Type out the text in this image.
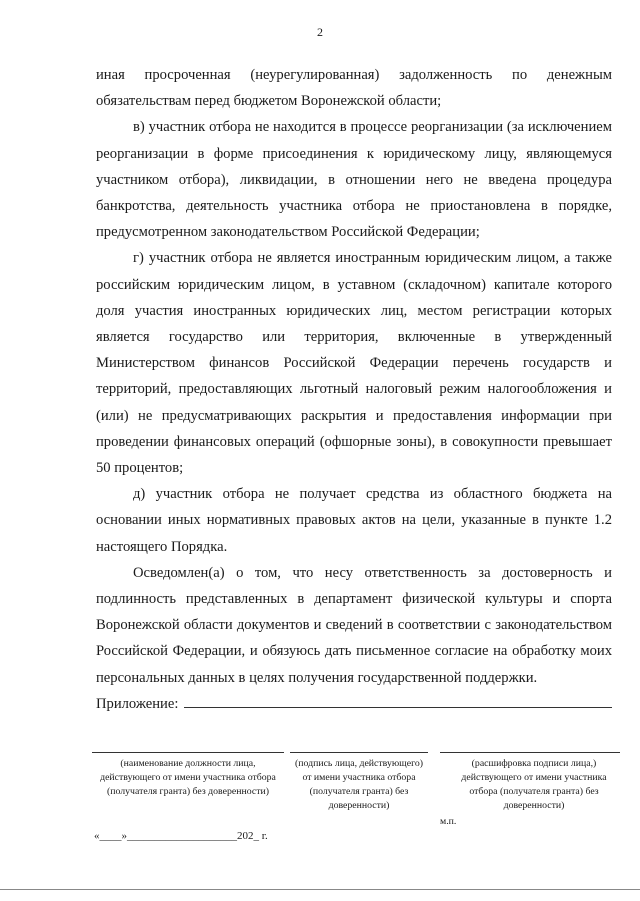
2

иная просроченная (неурегулированная) задолженность по денежным обязательствам перед бюджетом Воронежской области;

в) участник отбора не находится в процессе реорганизации (за исключением реорганизации в форме присоединения к юридическому лицу, являющемуся участником отбора), ликвидации, в отношении него не введена процедура банкротства, деятельность участника отбора не приостановлена в порядке, предусмотренном законодательством Российской Федерации;

г) участник отбора не является иностранным юридическим лицом, а также российским юридическим лицом, в уставном (складочном) капитале которого доля участия иностранных юридических лиц, местом регистрации которых является государство или территория, включенные в утвержденный Министерством финансов Российской Федерации перечень государств и территорий, предоставляющих льготный налоговый режим налогообложения и (или) не предусматривающих раскрытия и предоставления информации при проведении финансовых операций (офшорные зоны), в совокупности превышает 50 процентов;

д) участник отбора не получает средства из областного бюджета на основании иных нормативных правовых актов на цели, указанные в пункте 1.2 настоящего Порядка.

Осведомлен(а) о том, что несу ответственность за достоверность и подлинность представленных в департамент физической культуры и спорта Воронежской области документов и сведений в соответствии с законодательством Российской Федерации, и обязуюсь дать письменное согласие на обработку моих персональных данных в целях получения государственной поддержки.

Приложение:
(наименование должности лица, действующего от имени участника отбора (получателя гранта) без доверенности)
(подпись лица, действующего) от имени участника отбора (получателя гранта) без доверенности)
(расшифровка подписи лица,) действующего от имени участника отбора (получателя гранта) без доверенности)
м.п.
«____»____________________202_ г.
